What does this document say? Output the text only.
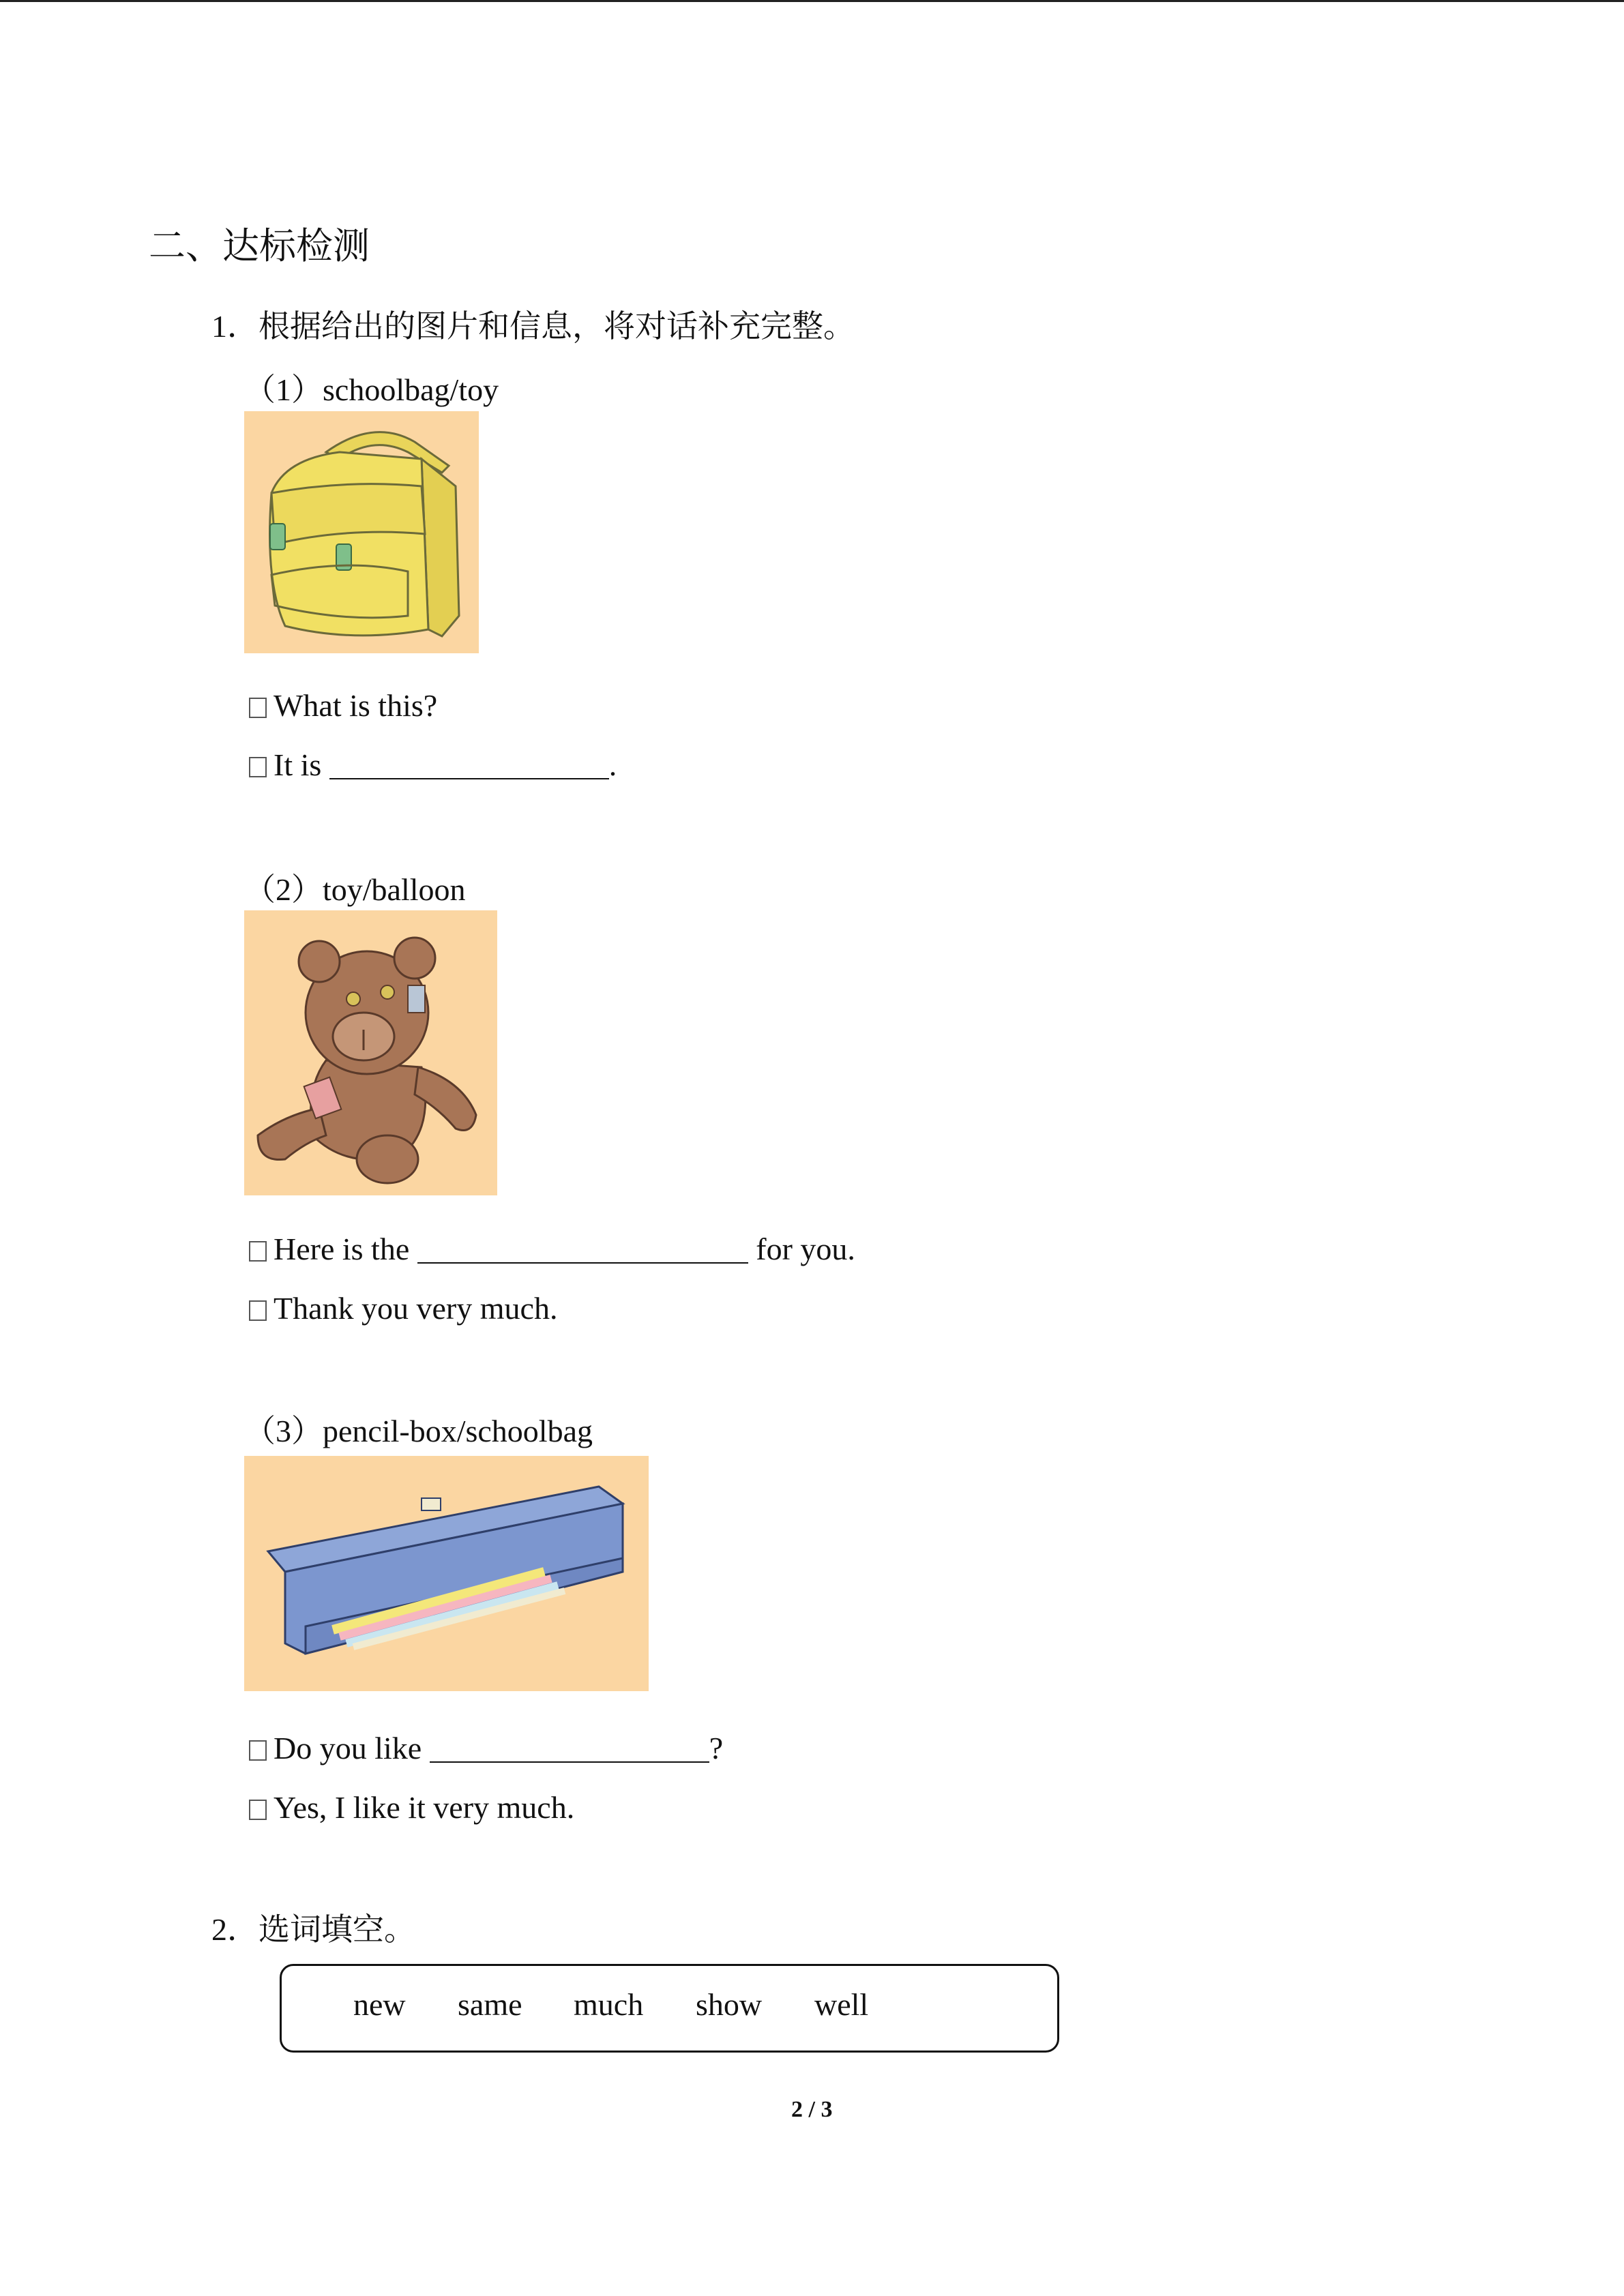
二、达标检测
1．根据给出的图片和信息，将对话补充完整。
（1）schoolbag/toy
What is this?
It is	.
（2）toy/balloon
Here is the	for you.
Thank you very much.
（3）pencil-box/schoolbag
Do you like	?
Yes, I like it very much.
2．选词填空。
new same much show well
2 / 3
